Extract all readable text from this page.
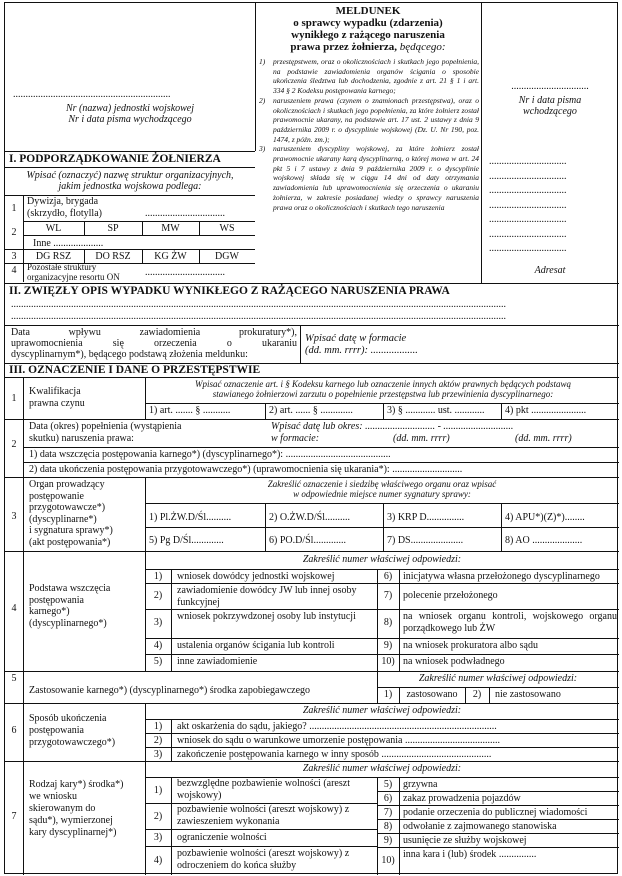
...............................................................
Nr (nazwa) jednostki wojskowej
Nr i data pisma wychodzącego
MELDUNEK
o sprawcy wypadku (zdarzenia)
wynikłego z rażącego naruszenia
prawa przez żołnierza, będącego:
1)	przestępstwem, oraz o okolicznościach i skutkach jego popełnienia, na podstawie zawiadomienia organów ścigania o sposobie ukończenia śledztwa lub dochodzenia, zgodnie z art. 21 § 1 i art. 334 § 2 Kodeksu postępowania karnego;
2)	naruszeniem prawa (czynem o znamionach przestępstwa), oraz o okolicznościach i skutkach jego popełnienia, za które żołnierz został prawomocnie ukarany, na podstawie art. 17 ust. 2 ustawy z dnia 9 października 2009 r. o dyscyplinie wojskowej (Dz. U. Nr 190, poz. 1474, z późn. zm.);
3)	naruszeniem dyscypliny wojskowej, za które żołnierz został prawomocnie ukarany karą dyscyplinarną, o której mowa w art. 24 pkt 5 i 7 ustawy z dnia 9 października 2009 r. o dyscyplinie wojskowej składa się w ciągu 14 dni od daty otrzymania zawiadomienia lub uprawomocnienia się orzeczenia o ukaraniu żołnierza, w zakresie posiadanej wiedzy o sprawcy naruszenia prawa oraz o okolicznościach i skutkach tego naruszenia
...............................
Nr i data pisma
wchodzącego
...............................
...............................
...............................
...............................
...............................
...............................
...............................
Adresat
I. PODPORZĄDKOWANIE ŻOŁNIERZA
Wpisać (oznaczyć) nazwę struktur organizacyjnych,
jakim jednostka wojskowa podlega:
1
Dywizja, brygada
(skrzydło, flotylla)	................................
2	WL	SP	MW	WS
Inne ....................
3	DG RSZ	DO RSZ	KG ŻW	DGW
4	Pozostałe struktury
organizacyjne resortu ON	................................
II. ZWIĘZŁY OPIS WYPADKU WYNIKŁEGO Z RAŻĄCEGO NARUSZENIA PRAWA
......................................................................................................................................................................................................
......................................................................................................................................................................................................
Data wpływu zawiadomienia prokuratury*),
uprawomocnienia się orzeczenia o ukaraniu
dyscyplinarnym*), będącego podstawą złożenia meldunku:
Wpisać datę w formacie
(dd. mm. rrrr): ..................
III. OZNACZENIE I DANE O PRZESTĘPSTWIE
1
Kwalifikacja
prawna czynu
Wpisać oznaczenie art. i § Kodeksu karnego lub oznaczenie innych aktów prawnych będących podstawą
stawianego żołnierzowi zarzutu o popełnienie przestępstwa lub przewinienia dyscyplinarnego:
1) art. ....... § ...........	2) art. ...... § .............	3) § ............ ust. ............ 4) pkt ......................
2
Data (okres) popełnienia (wystąpienia
skutku) naruszenia prawa:
Wpisać datę lub okres: ............................ - ............................
w formacie:	(dd. mm. rrrr)	(dd. mm. rrrr)
1) data wszczęcia postępowania karnego*) (dyscyplinarnego*): ..........................................
2) data ukończenia postępowania przygotowawczego*) (uprawomocnienia się ukarania*): ............................
3
Organ prowadzący
postępowanie
przygotowawcze*)
(dyscyplinarne*)
i sygnatura sprawy*)
(akt postępowania*)
Zakreślić oznaczenie i siedzibę właściwego organu oraz wpisać
w odpowiednie miejsce numer sygnatury sprawy:
1) Pl.ŻW.D/Śl..........	2) O.ŻW.D/Śl..........	3) KRP D...............	4) APU*)(Z)*)........
5) Pg D/Śl.............	6) PO.D/Śl.............	7) DS.....................	8) AO ....................
4
Podstawa wszczęcia
postępowania
karnego*)
(dyscyplinarnego*)
Zakreślić numer właściwej odpowiedzi:
1)	wniosek dowódcy jednostki wojskowej
2)	zawiadomienie dowódcy JW lub innej osoby funkcyjnej
3)
wniosek pokrzywdzonej osoby lub instytucji
4)	ustalenia organów ścigania lub kontroli
5)	inne zawiadomienie
6)	inicjatywa własna przełożonego dyscyplinarnego
7)	polecenie przełożonego
8)
na wniosek organu kontroli, wojskowego organu porządkowego lub ŻW
9)	na wniosek prokuratora albo sądu
10) na wniosek podwładnego
5
Zastosowanie karnego*) (dyscyplinarnego*) środka zapobiegawczego
Zakreślić numer właściwej odpowiedzi:
1)	zastosowano	2)	nie zastosowano
6
Sposób ukończenia
postępowania
przygotowawczego*)
Zakreślić numer właściwej odpowiedzi:
1)	akt oskarżenia do sądu, jakiego? ...........................................................................
2)	wniosek do sądu o warunkowe umorzenie postępowania ......................................
3)	zakończenie postępowania karnego w inny sposób ............................................
7
Rodzaj kary*) środka*)
we wniosku
skierowanym do
sądu*), wymierzonej
kary dyscyplinarnej*)
Zakreślić numer właściwej odpowiedzi:
1)
bezwzględne pozbawienie wolności (areszt wojskowy)
2)
pozbawienie wolności (areszt wojskowy) z zawieszeniem wykonania
3)	ograniczenie wolności
4)
pozbawienie wolności (areszt wojskowy) z odroczeniem do końca służby
5)	grzywna
6)	zakaz prowadzenia pojazdów
7)	podanie orzeczenia do publicznej wiadomości
8)	odwołanie z zajmowanego stanowiska
9)	usunięcie ze służby wojskowej
10)
inna kara i (lub) środek ...............
